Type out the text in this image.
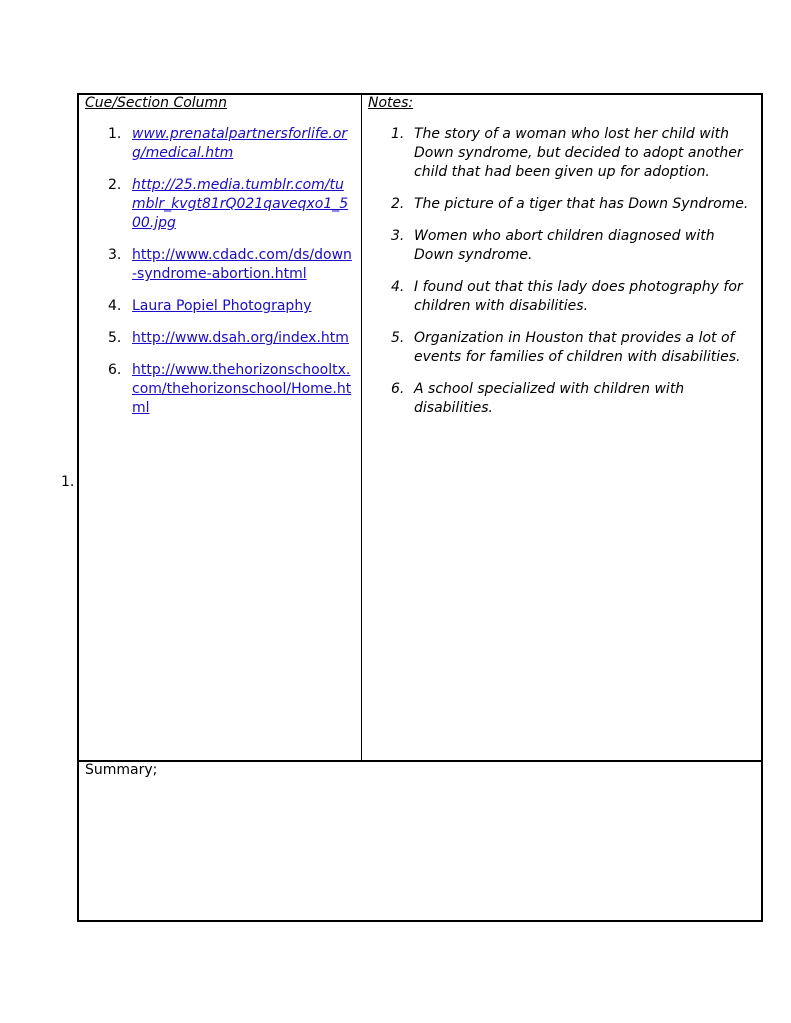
1.
Cue/Section Column
1. www.prenatalpartnersforlife.org/medical.htm
2. http://25.media.tumblr.com/tumblr_kvgt81rQ021qaveqxo1_500.jpg
3. http://www.cdadc.com/ds/down-syndrome-abortion.html
4. Laura Popiel Photography
5. http://www.dsah.org/index.htm
6. http://www.thehorizonschooltx.com/thehorizonschool/Home.html
Notes:
1. The story of a woman who lost her child with Down syndrome, but decided to adopt another child that had been given up for adoption.
2. The picture of a tiger that has Down Syndrome.
3. Women who abort children diagnosed with Down syndrome.
4. I found out that this lady does photography for children with disabilities.
5. Organization in Houston that provides a lot of events for families of children with disabilities.
6. A school specialized with children with disabilities.
Summary;
